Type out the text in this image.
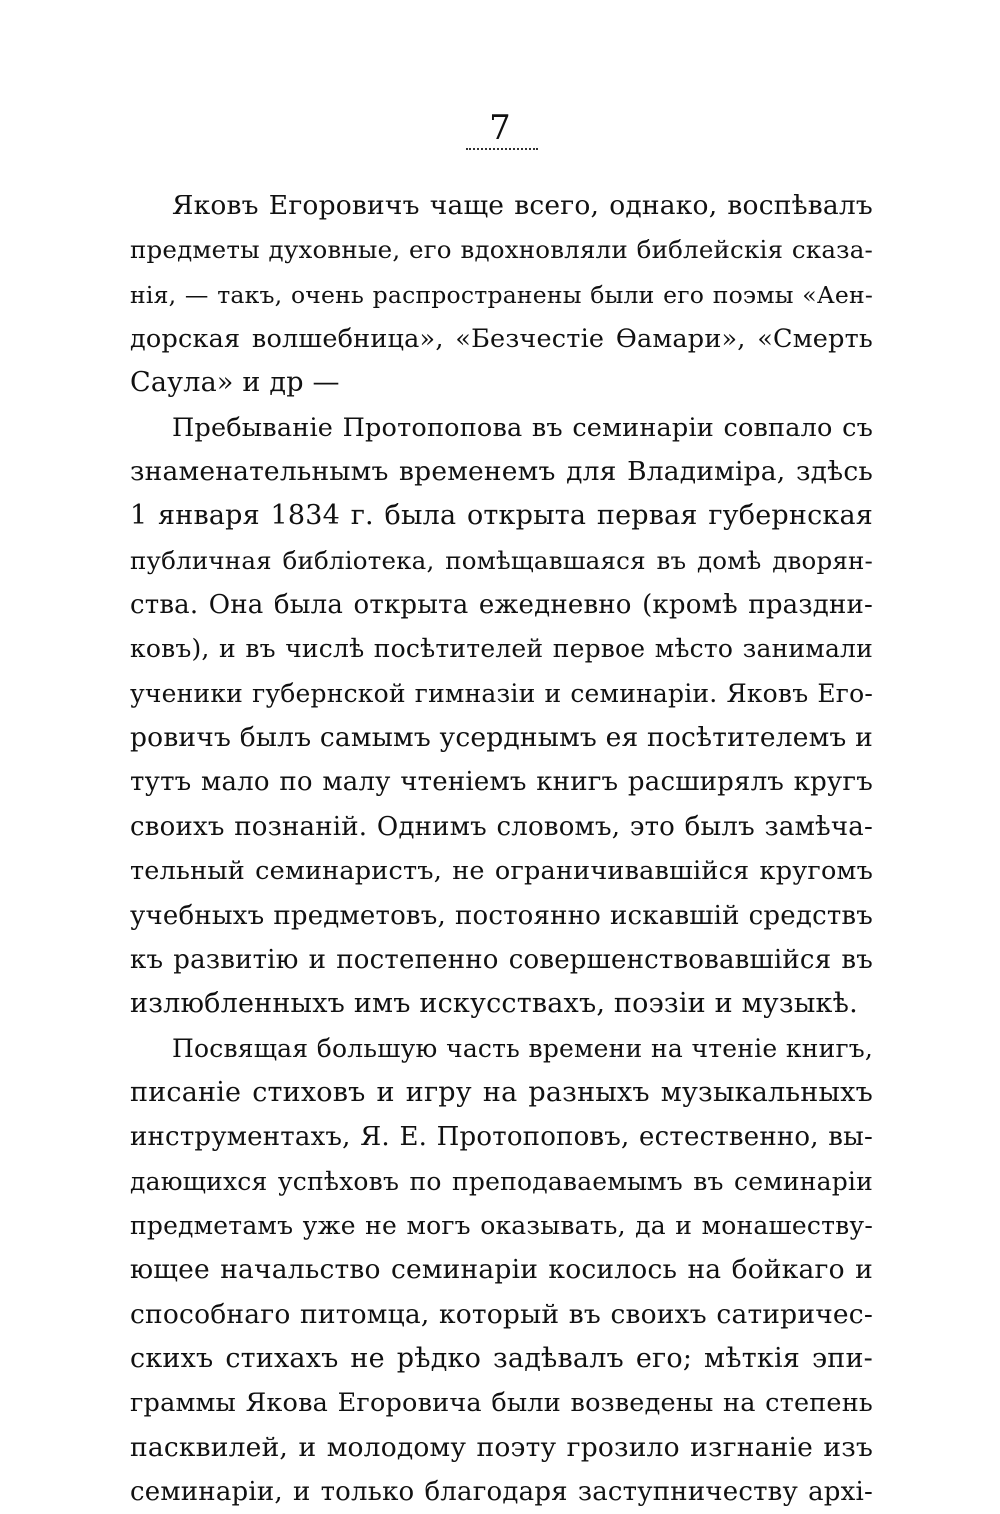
7
Яковъ Егоровичъ чаще всего, однако, воспѣвалъ
предметы духовные, его вдохновляли библейскія сказа-
нія, — такъ, очень распространены были его поэмы «Аен-
дорская волшебница», «Безчестіе Ѳамари», «Смерть
Саула» и др —
Пребываніе Протопопова въ семинаріи совпало съ
знаменательнымъ временемъ для Владиміра, здѣсь
1 января 1834 г. была открыта первая губернская
публичная библіотека, помѣщавшаяся въ домѣ дворян-
ства. Она была открыта ежедневно (кромѣ праздни-
ковъ), и въ числѣ посѣтителей первое мѣсто занимали
ученики губернской гимназіи и семинаріи. Яковъ Его-
ровичъ былъ самымъ усерднымъ ея посѣтителемъ и
тутъ мало по малу чтеніемъ книгъ расширялъ кругъ
своихъ познаній. Однимъ словомъ, это былъ замѣча-
тельный семинаристъ, не ограничивавшійся кругомъ
учебныхъ предметовъ, постоянно искавшій средствъ
къ развитію и постепенно совершенствовавшійся въ
излюбленныхъ имъ искусствахъ, поэзіи и музыкѣ.
Посвящая большую часть времени на чтеніе книгъ,
писаніе стиховъ и игру на разныхъ музыкальныхъ
инструментахъ, Я. Е. Протопоповъ, естественно, вы-
дающихся успѣховъ по преподаваемымъ въ семинаріи
предметамъ уже не могъ оказывать, да и монашеству-
ющее начальство семинаріи косилось на бойкаго и
способнаго питомца, который въ своихъ сатиричес-
скихъ стихахъ не рѣдко задѣвалъ его; мѣткія эпи-
граммы Якова Егоровича были возведены на степень
пасквилей, и молодому поэту грозило изгнаніе изъ
семинаріи, и только благодаря заступничеству архі-
